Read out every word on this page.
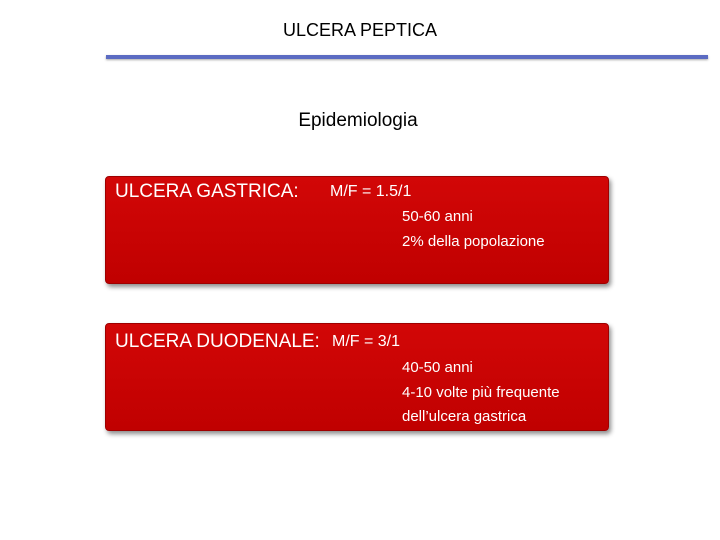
ULCERA PEPTICA
Epidemiologia
ULCERA GASTRICA: M/F = 1.5/1
50-60 anni
2% della popolazione
ULCERA DUODENALE: M/F = 3/1
40-50 anni
4-10 volte più frequente
dell’ulcera gastrica
